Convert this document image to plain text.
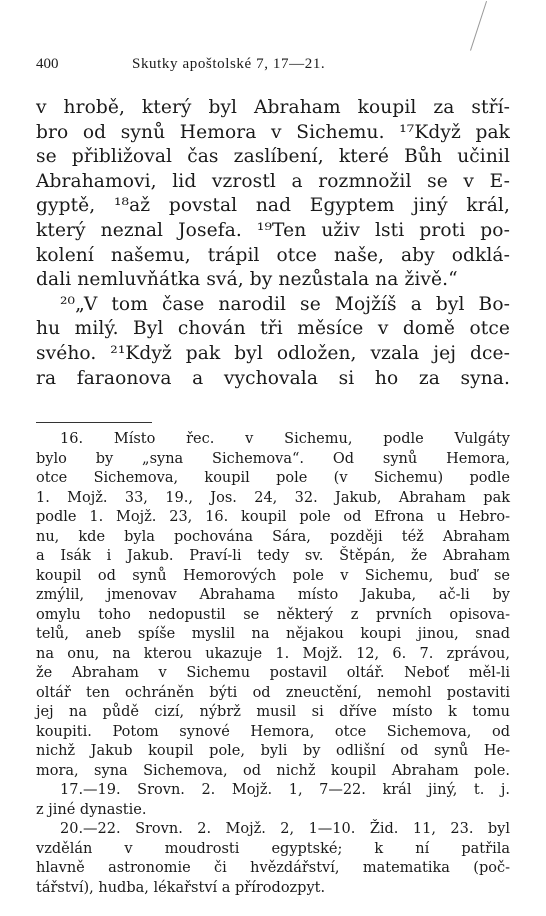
400	Skutky apoštolské 7, 17—21.
v hrobě, který byl Abraham koupil za stří-
bro od synů Hemora v Sichemu. ¹⁷Když pak
se přibližoval čas zaslíbení, které Bůh učinil
Abrahamovi, lid vzrostl a rozmnožil se v E-
gyptě, ¹⁸až povstal nad Egyptem jiný král,
který neznal Josefa. ¹⁹Ten uživ lsti proti po-
kolení našemu, trápil otce naše, aby odklá-
dali nemluvňátka svá, by nezůstala na živě.“
²⁰„V tom čase narodil se Mojžíš a byl Bo-
hu milý. Byl chován tři měsíce v domě otce
svého. ²¹Když pak byl odložen, vzala jej dce-
ra faraonova a vychovala si ho za syna.
16. Místo řec. v Sichemu, podle Vulgáty
bylo by „syna Sichemova“. Od synů Hemora,
otce Sichemova, koupil pole (v Sichemu) podle
1. Mojž. 33, 19., Jos. 24, 32. Jakub, Abraham pak
podle 1. Mojž. 23, 16. koupil pole od Efrona u Hebro-
nu, kde byla pochována Sára, později též Abraham
a Isák i Jakub. Praví-li tedy sv. Štěpán, že Abraham
koupil od synů Hemorových pole v Sichemu, buď se
zmýlil, jmenovav Abrahama místo Jakuba, ač-li by
omylu toho nedopustil se některý z prvních opisova-
telů, aneb spíše myslil na nějakou koupi jinou, snad
na onu, na kterou ukazuje 1. Mojž. 12, 6. 7. zprávou,
že Abraham v Sichemu postavil oltář. Neboť měl-li
oltář ten ochráněn býti od zneuctění, nemohl postaviti
jej na půdě cizí, nýbrž musil si dříve místo k tomu
koupiti. Potom synové Hemora, otce Sichemova, od
nichž Jakub koupil pole, byli by odlišní od synů He-
mora, syna Sichemova, od nichž koupil Abraham pole.
17.—19. Srovn. 2. Mojž. 1, 7—22. král jiný, t. j.
z jiné dynastie.
20.—22. Srovn. 2. Mojž. 2, 1—10. Žid. 11, 23. byl
vzdělán v moudrosti egyptské; k ní patřila
hlavně astronomie či hvězdářství, matematika (poč-
tářství), hudba, lékařství a přírodozpyt.
